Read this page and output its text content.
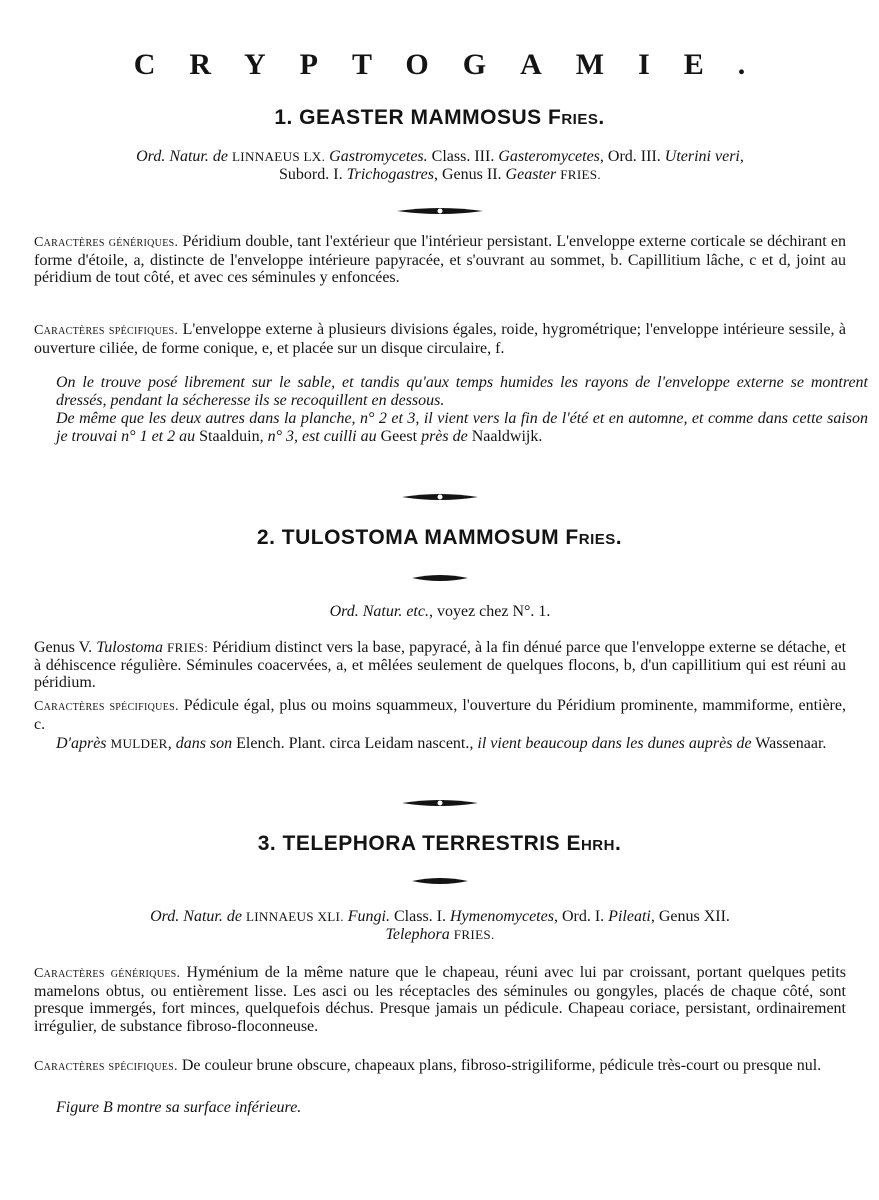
CRYPTOGAMIE.
1. GEASTER MAMMOSUS Fries.

Ord. Natur. de LINNAEUS LX. Gastromycetes. Class. III. Gasteromycetes, Ord. III. Uterini veri,
Subord. I. Trichogastres, Genus II. Geaster FRIES.

Caractères génériques. Péridium double, tant l'extérieur que l'intérieur persistant. L'enveloppe externe corticale se déchirant en forme d'étoile, a, distincte de l'enveloppe intérieure papyracée, et s'ouvrant au sommet, b. Capillitium lâche, c et d, joint au péridium de tout côté, et avec ces séminules y enfoncées.

Caractères spécifiques. L'enveloppe externe à plusieurs divisions égales, roide, hygrométrique; l'enveloppe intérieure sessile, à ouverture ciliée, de forme conique, e, et placée sur un disque circulaire, f.

On le trouve posé librement sur le sable, et tandis qu'aux temps humides les rayons de l'enveloppe externe se montrent dressés, pendant la sécheresse ils se recoquillent en dessous.

De même que les deux autres dans la planche, n° 2 et 3, il vient vers la fin de l'été et en automne, et comme dans cette saison je trouvai n° 1 et 2 au Staalduin, n° 3, est cuilli au Geest près de Naaldwijk.

2. TULOSTOMA MAMMOSUM Fries.

Ord. Natur. etc., voyez chez N°. 1.

Genus V. Tulostoma FRIES: Péridium distinct vers la base, papyracé, à la fin dénué parce que l'enveloppe externe se détache, et à déhiscence régulière. Séminules coacervées, a, et mêlées seulement de quelques flocons, b, d'un capillitium qui est réuni au péridium.

Caractères spécifiques. Pédicule égal, plus ou moins squammeux, l'ouverture du Péridium prominente, mammiforme, entière, c.

D'après MULDER, dans son Elench. Plant. circa Leidam nascent., il vient beaucoup dans les dunes auprès de Wassenaar.

3. TELEPHORA TERRESTRIS Ehrh.

Ord. Natur. de LINNAEUS XLI. Fungi. Class. I. Hymenomycetes, Ord. I. Pileati, Genus XII.
Telephora FRIES.

Caractères génériques. Hyménium de la même nature que le chapeau, réuni avec lui par croissant, portant quelques petits mamelons obtus, ou entièrement lisse. Les asci ou les réceptacles des séminules ou gongyles, placés de chaque côté, sont presque immergés, fort minces, quelquefois déchus. Presque jamais un pédicule. Chapeau coriace, persistant, ordinairement irrégulier, de substance fibroso-floconneuse.

Caractères spécifiques. De couleur brune obscure, chapeaux plans, fibroso-strigiliforme, pédicule très-court ou presque nul.

Figure B montre sa surface inférieure.
